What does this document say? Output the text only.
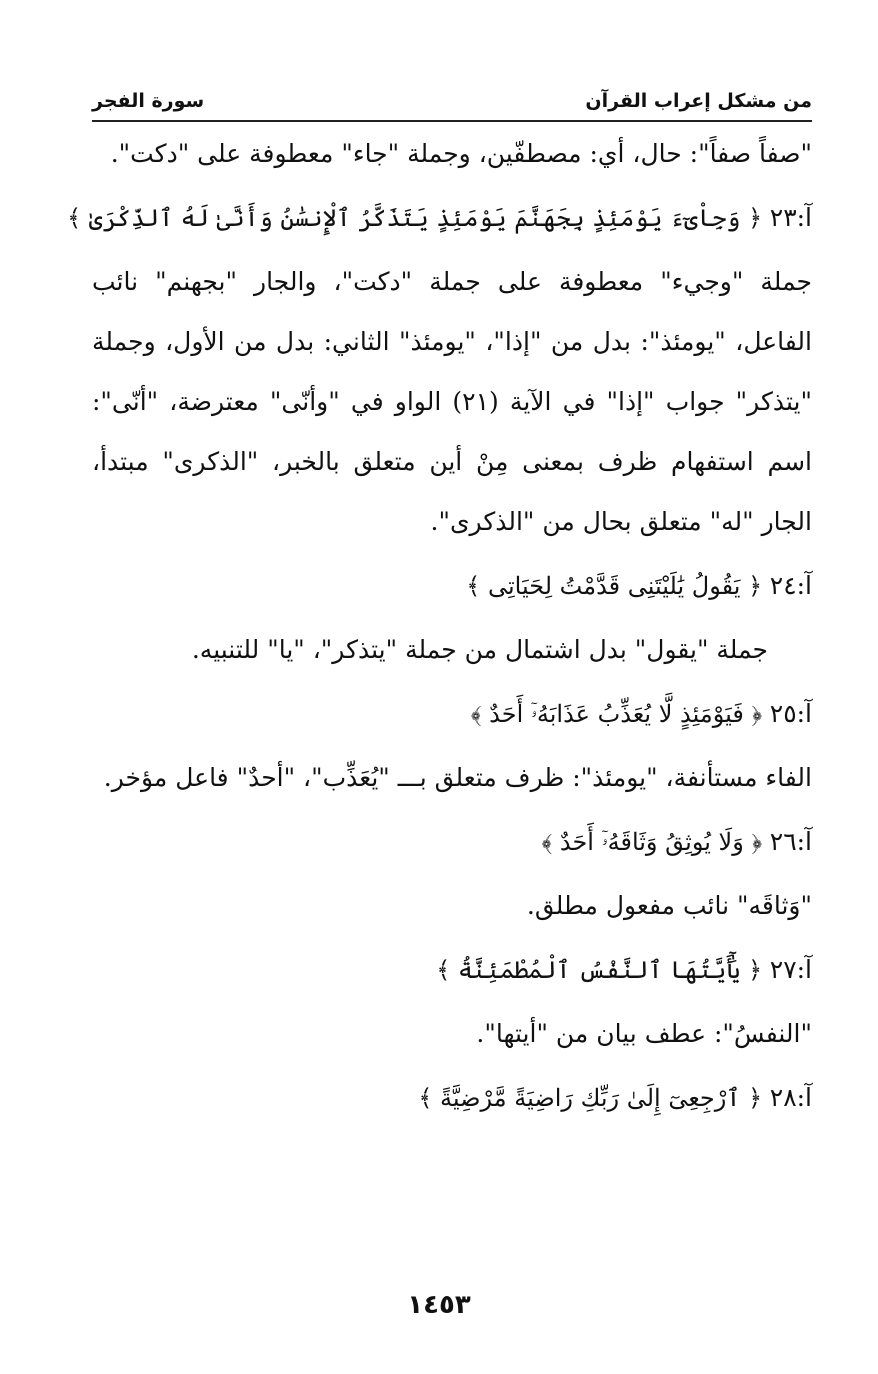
من مشكل إعراب القرآن
سورة الفجر

"صفاً صفاً": حال، أي: مصطفّين، وجملة "جاء" معطوفة على "دكت".

آ:٢٣ ﴿ وَجِاْىٓءَ يَوْمَئِذٍ بِجَهَنَّمَ يَوْمَئِذٍ يَتَذَكَّرُ ٱلْإِنسَٰنُ وَأَنَّىٰ لَهُ ٱلذِّكْرَىٰ ﴾

جملة "وجيء" معطوفة على جملة "دكت"، والجار "بجهنم" نائب الفاعل، "يومئذ": بدل من "إذا"، "يومئذ" الثاني: بدل من الأول، وجملة "يتذكر" جواب "إذا" في الآية (٢١) الواو في "وأنّى" معترضة، "أنّى": اسم استفهام ظرف بمعنى مِنْ أين متعلق بالخبر، "الذكرى" مبتدأ، الجار "له" متعلق بحال من "الذكرى".

آ:٢٤ ﴿ يَقُولُ يَٰلَيْتَنِى قَدَّمْتُ لِحَيَاتِى ﴾

جملة "يقول" بدل اشتمال من جملة "يتذكر"، "يا" للتنبيه.

آ:٢٥ ﴿ فَيَوْمَئِذٍ لَّا يُعَذِّبُ عَذَابَهُۥٓ أَحَدٌ ﴾

الفاء مستأنفة، "يومئذ": ظرف متعلق بـــ "يُعَذِّب"، "أحدٌ" فاعل مؤخر.

آ:٢٦ ﴿ وَلَا يُوثِقُ وَثَاقَهُۥٓ أَحَدٌ ﴾

"وَثاقَه" نائب مفعول مطلق.

آ:٢٧ ﴿ يَٰٓأَيَّتُهَا ٱلنَّفْسُ ٱلْمُطْمَئِنَّةُ ﴾

"النفسُ": عطف بيان من "أيتها".

آ:٢٨ ﴿ ٱرْجِعِىٓ إِلَىٰ رَبِّكِ رَاضِيَةً مَّرْضِيَّةً ﴾

١٤٥٣
